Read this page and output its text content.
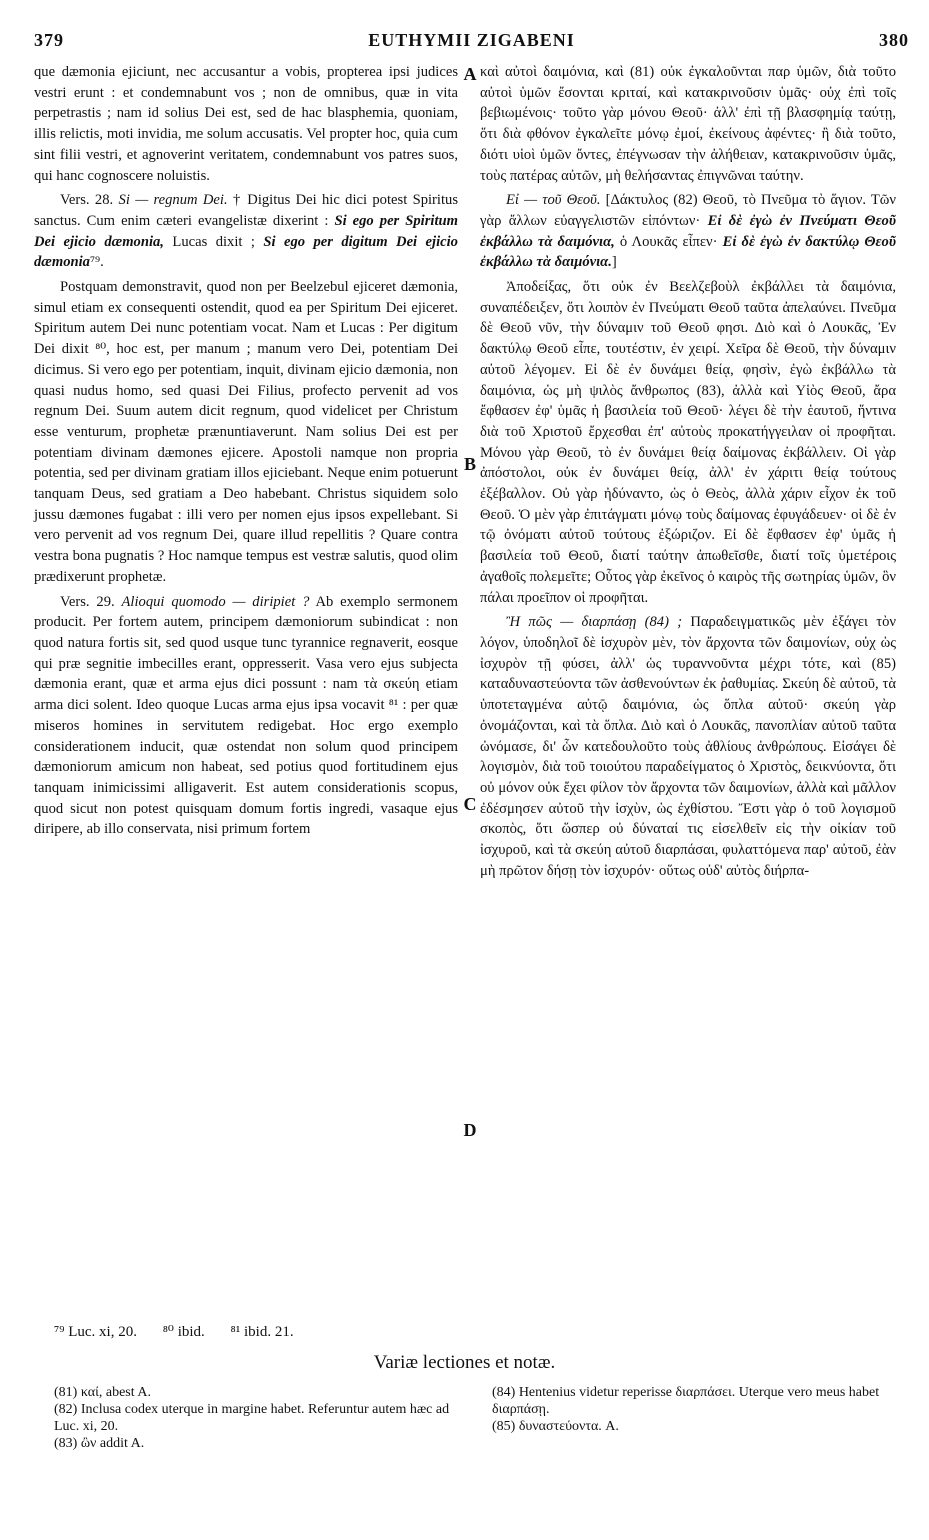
379	EUTHYMII ZIGABENI	380

que dæmonia ejiciunt, nec accusantur a vobis, propterea ipsi judices vestri erunt : et condemnabunt vos ; non de omnibus, quæ in vita perpetrastis ; nam id solius Dei est, sed de hac blasphemia, quoniam, illis relictis, moti invidia, me solum accusatis. Vel propter hoc, quia cum sint filii vestri, et agnoverint veritatem, condemnabunt vos patres suos, qui hanc cognoscere noluistis.

Vers. 28. Si — regnum Dei. † Digitus Dei hic dici potest Spiritus sanctus. Cum enim cæteri evangelistæ dixerint : Si ego per Spiritum Dei ejicio dæmonia, Lucas dixit ; Si ego per digitum Dei ejicio dæmonia⁷⁹.

Postquam demonstravit, quod non per Beelzebul ejiceret dæmonia, simul etiam ex consequenti ostendit, quod ea per Spiritum Dei ejiceret. Spiritum autem Dei nunc potentiam vocat. Nam et Lucas : Per digitum Dei dixit ⁸⁰, hoc est, per manum ; manum vero Dei, potentiam Dei dicimus. Si vero ego per potentiam, inquit, divinam ejicio dæmonia, non quasi nudus homo, sed quasi Dei Filius, profecto pervenit ad vos regnum Dei. Suum autem dicit regnum, quod videlicet per Christum esse venturum, prophetæ prænuntiaverunt. Nam solius Dei est per potentiam divinam dæmones ejicere. Apostoli namque non propria potentia, sed per divinam gratiam illos ejiciebant. Neque enim potuerunt tanquam Deus, sed gratiam a Deo habebant. Christus siquidem solo jussu dæmones fugabat : illi vero per nomen ejus ipsos expellebant. Si vero pervenit ad vos regnum Dei, quare illud repellitis ? Quare contra vestra bona pugnatis ? Hoc namque tempus est vestræ salutis, quod olim prædixerunt prophetæ.

Vers. 29. Alioqui quomodo — diripiet ? Ab exemplo sermonem producit. Per fortem autem, principem dæmoniorum subindicat : non quod natura fortis sit, sed quod usque tunc tyrannice regnaverit, eosque qui præ segnitie imbecilles erant, oppresserit. Vasa vero ejus subjecta dæmonia erant, quæ et arma ejus dici possunt : nam τὰ σκεύη etiam arma dici solent. Ideo quoque Lucas arma ejus ipsa vocavit ⁸¹ : per quæ miseros homines in servitutem redigebat. Hoc ergo exemplo considerationem inducit, quæ ostendat non solum quod principem dæmoniorum amicum non habeat, sed potius quod fortitudinem ejus tanquam inimicissimi alligaverit. Est autem considerationis scopus, quod sicut non potest quisquam domum fortis ingredi, vasaque ejus diripere, ab illo conservata, nisi primum fortem

A
B
C
D

καὶ αὐτοὶ δαιμόνια, καὶ (81) οὐκ ἐγκαλοῦνται παρ ὑμῶν, διὰ τοῦτο αὐτοὶ ὑμῶν ἔσονται κριταί, καὶ κατακρινοῦσιν ὑμᾶς· οὐχ ἐπὶ τοῖς βεβιωμένοις· τοῦτο γὰρ μόνου Θεοῦ· ἀλλ' ἐπὶ τῇ βλασφημίᾳ ταύτῃ, ὅτι διὰ φθόνον ἐγκαλεῖτε μόνῳ ἐμοί, ἐκείνους ἀφέντες· ἢ διὰ τοῦτο, διότι υἱοὶ ὑμῶν ὄντες, ἐπέγνωσαν τὴν ἀλήθειαν, κατακρινοῦσιν ὑμᾶς, τοὺς πατέρας αὐτῶν, μὴ θελήσαντας ἐπιγνῶναι ταύτην.

Εἰ — τοῦ Θεοῦ. [Δάκτυλος (82) Θεοῦ, τὸ Πνεῦμα τὸ ἅγιον. Τῶν γὰρ ἄλλων εὐαγγελιστῶν εἰπόντων· Εἰ δὲ ἐγὼ ἐν Πνεύματι Θεοῦ ἐκβάλλω τὰ δαιμόνια, ὁ Λουκᾶς εἶπεν· Εἰ δὲ ἐγὼ ἐν δακτύλῳ Θεοῦ ἐκβάλλω τὰ δαιμόνια.]

Ἀποδείξας, ὅτι οὐκ ἐν Βεελζεβοὺλ ἐκβάλλει τὰ δαιμόνια, συναπέδειξεν, ὅτι λοιπὸν ἐν Πνεύματι Θεοῦ ταῦτα ἀπελαύνει. Πνεῦμα δὲ Θεοῦ νῦν, τὴν δύναμιν τοῦ Θεοῦ φησι. Διὸ καὶ ὁ Λουκᾶς, Ἐν δακτύλῳ Θεοῦ εἶπε, τουτέστιν, ἐν χειρί. Χεῖρα δὲ Θεοῦ, τὴν δύναμιν αὐτοῦ λέγομεν. Εἰ δὲ ἐν δυνάμει θείᾳ, φησὶν, ἐγὼ ἐκβάλλω τὰ δαιμόνια, ὡς μὴ ψιλὸς ἄνθρωπος (83), ἀλλὰ καὶ Υἱὸς Θεοῦ, ἄρα ἔφθασεν ἐφ' ὑμᾶς ἡ βασιλεία τοῦ Θεοῦ· λέγει δὲ τὴν ἑαυτοῦ, ἥντινα διὰ τοῦ Χριστοῦ ἔρχεσθαι ἐπ' αὐτοὺς προκατήγγειλαν οἱ προφῆται. Μόνου γὰρ Θεοῦ, τὸ ἐν δυνάμει θείᾳ δαίμονας ἐκβάλλειν. Οἱ γὰρ ἀπόστολοι, οὐκ ἐν δυνάμει θείᾳ, ἀλλ' ἐν χάριτι θείᾳ τούτους ἐξέβαλλον. Οὐ γὰρ ἠδύναντο, ὡς ὁ Θεὸς, ἀλλὰ χάριν εἶχον ἐκ τοῦ Θεοῦ. Ὁ μὲν γὰρ ἐπιτάγματι μόνῳ τοὺς δαίμονας ἐφυγάδευεν· οἱ δὲ ἐν τῷ ὀνόματι αὐτοῦ τούτους ἐξώριζον. Εἰ δὲ ἔφθασεν ἐφ' ὑμᾶς ἡ βασιλεία τοῦ Θεοῦ, διατί ταύτην ἀπωθεῖσθε, διατί τοῖς ὑμετέροις ἀγαθοῖς πολεμεῖτε; Οὗτος γὰρ ἐκεῖνος ὁ καιρὸς τῆς σωτηρίας ὑμῶν, ὃν πάλαι προεῖπον οἱ προφῆται.

Ἢ πῶς — διαρπάσῃ (84) ; Παραδειγματικῶς μὲν ἐξάγει τὸν λόγον, ὑποδηλοῖ δὲ ἰσχυρὸν μὲν, τὸν ἄρχοντα τῶν δαιμονίων, οὐχ ὡς ἰσχυρὸν τῇ φύσει, ἀλλ' ὡς τυραννοῦντα μέχρι τότε, καὶ (85) καταδυναστεύοντα τῶν ἀσθενούντων ἐκ ῥαθυμίας. Σκεύη δὲ αὐτοῦ, τὰ ὑποτεταγμένα αὐτῷ δαιμόνια, ὡς ὅπλα αὐτοῦ· σκεύη γὰρ ὀνομάζονται, καὶ τὰ ὅπλα. Διὸ καὶ ὁ Λουκᾶς, πανοπλίαν αὐτοῦ ταῦτα ὠνόμασε, δι' ὧν κατεδουλοῦτο τοὺς ἀθλίους ἀνθρώπους. Εἰσάγει δὲ λογισμὸν, διὰ τοῦ τοιούτου παραδείγματος ὁ Χριστὸς, δεικνύοντα, ὅτι οὐ μόνον οὐκ ἔχει φίλον τὸν ἄρχοντα τῶν δαιμονίων, ἀλλὰ καὶ μᾶλλον ἐδέσμησεν αὐτοῦ τὴν ἰσχὺν, ὡς ἐχθίστου. Ἔστι γὰρ ὁ τοῦ λογισμοῦ σκοπὸς, ὅτι ὥσπερ οὐ δύναταί τις εἰσελθεῖν εἰς τὴν οἰκίαν τοῦ ἰσχυροῦ, καὶ τὰ σκεύη αὐτοῦ διαρπάσαι, φυλαττόμενα παρ' αὐτοῦ, ἐὰν μὴ πρῶτον δήσῃ τὸν ἰσχυρόν· οὕτως οὐδ' αὐτὸς διήρπα-

⁷⁹ Luc. xi, 20. ⁸⁰ ibid. ⁸¹ ibid. 21.
Variæ lectiones et notæ.

(81) καί, abest A.

(82) Inclusa codex uterque in margine habet. Referuntur autem hæc ad Luc. xi, 20.

(83) ὢν addit A.

(84) Hentenius videtur reperisse διαρπάσει. Uterque vero meus habet διαρπάσῃ.

(85) δυναστεύοντα. A.
